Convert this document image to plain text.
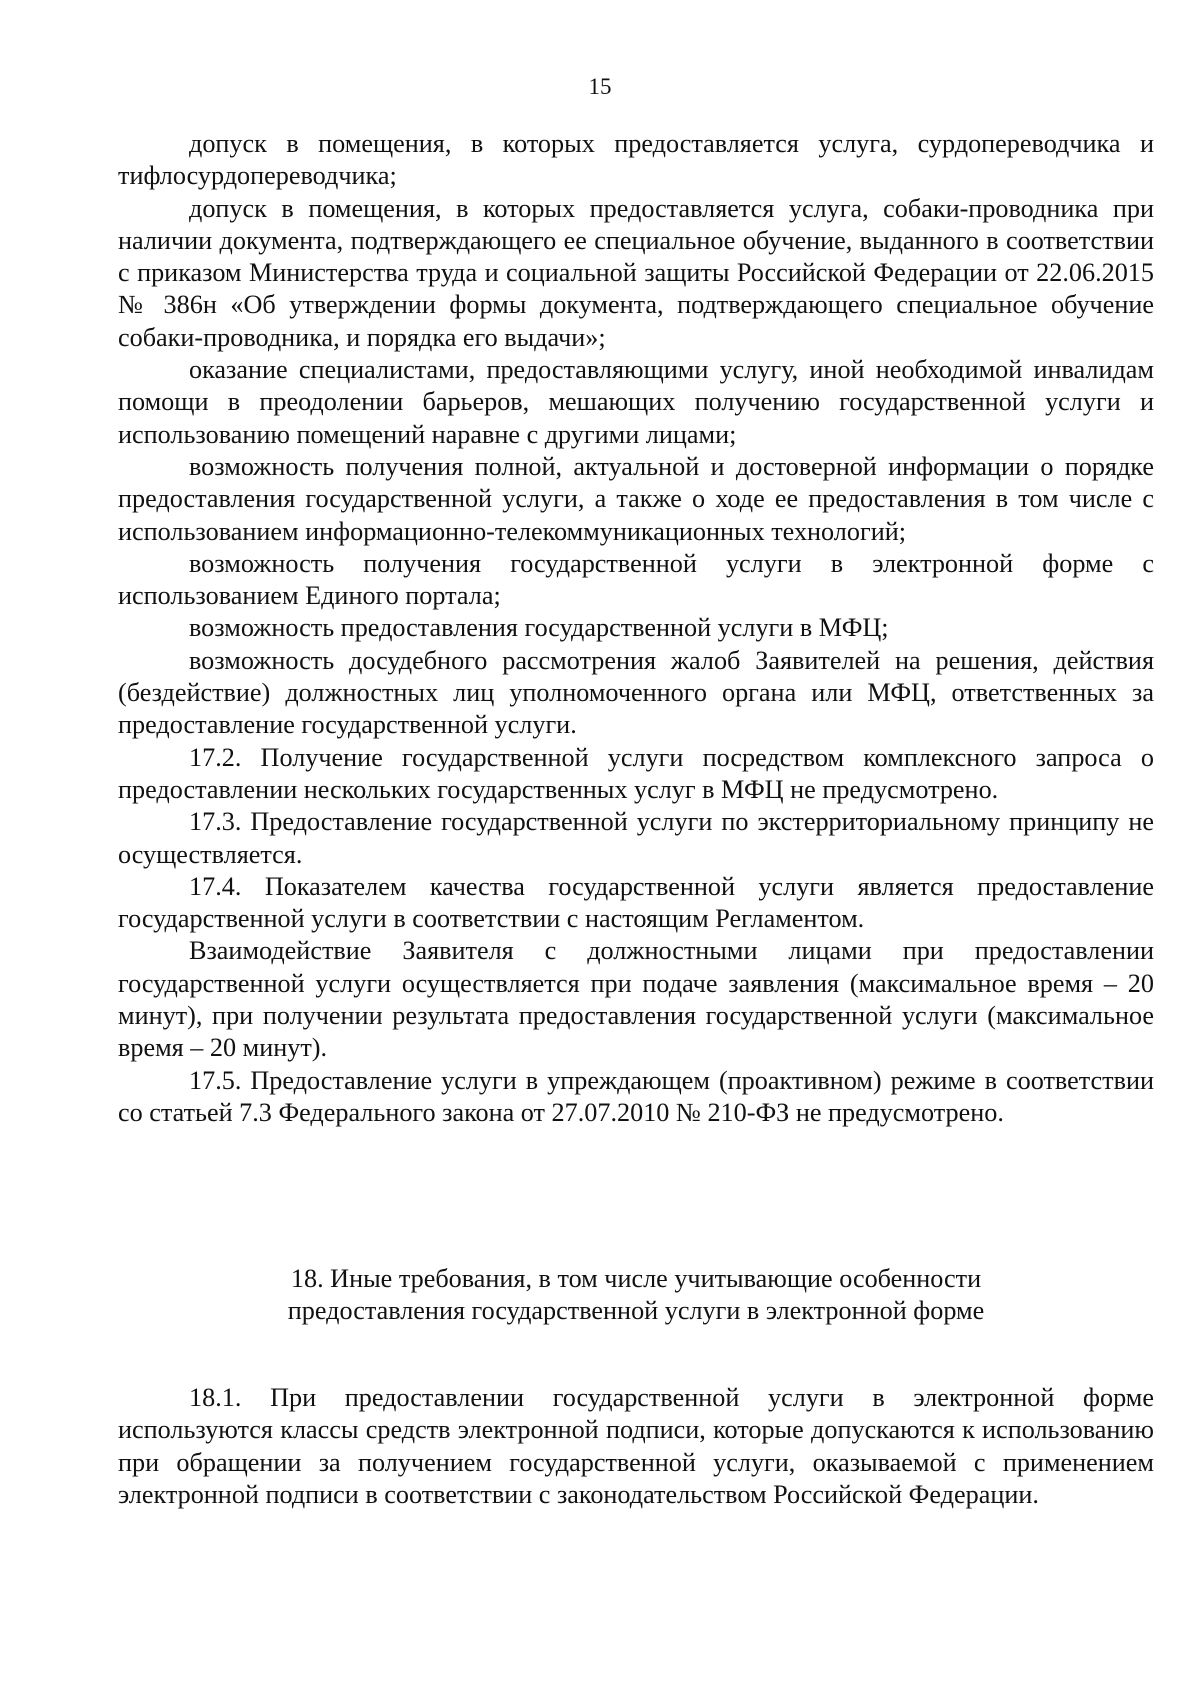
15

допуск в помещения, в которых предоставляется услуга, сурдопереводчика и тифлосурдопереводчика;

допуск в помещения, в которых предоставляется услуга, собаки-проводника при наличии документа, подтверждающего ее специальное обучение, выданного в соответствии с приказом Министерства труда и социальной защиты Российской Федерации от 22.06.2015 № 386н «Об утверждении формы документа, подтверждающего специальное обучение собаки-проводника, и порядка его выдачи»;

оказание специалистами, предоставляющими услугу, иной необходимой инвалидам помощи в преодолении барьеров, мешающих получению государственной услуги и использованию помещений наравне с другими лицами;

возможность получения полной, актуальной и достоверной информации о порядке предоставления государственной услуги, а также о ходе ее предоставления в том числе с использованием информационно-телекоммуникационных технологий;

возможность получения государственной услуги в электронной форме с использованием Единого портала;

возможность предоставления государственной услуги в МФЦ;

возможность досудебного рассмотрения жалоб Заявителей на решения, действия (бездействие) должностных лиц уполномоченного органа или МФЦ, ответственных за предоставление государственной услуги.

17.2. Получение государственной услуги посредством комплексного запроса о предоставлении нескольких государственных услуг в МФЦ не предусмотрено.

17.3. Предоставление государственной услуги по экстерриториальному принципу не осуществляется.

17.4. Показателем качества государственной услуги является предоставление государственной услуги в соответствии с настоящим Регламентом.

Взаимодействие Заявителя с должностными лицами при предоставлении государственной услуги осуществляется при подаче заявления (максимальное время – 20 минут), при получении результата предоставления государственной услуги (максимальное время – 20 минут).

17.5. Предоставление услуги в упреждающем (проактивном) режиме в соответствии со статьей 7.3 Федерального закона от 27.07.2010 № 210-ФЗ не предусмотрено.

18. Иные требования, в том числе учитывающие особенности
предоставления государственной услуги в электронной форме

18.1. При предоставлении государственной услуги в электронной форме используются классы средств электронной подписи, которые допускаются к использованию при обращении за получением государственной услуги, оказываемой с применением электронной подписи в соответствии с законодательством Российской Федерации.
